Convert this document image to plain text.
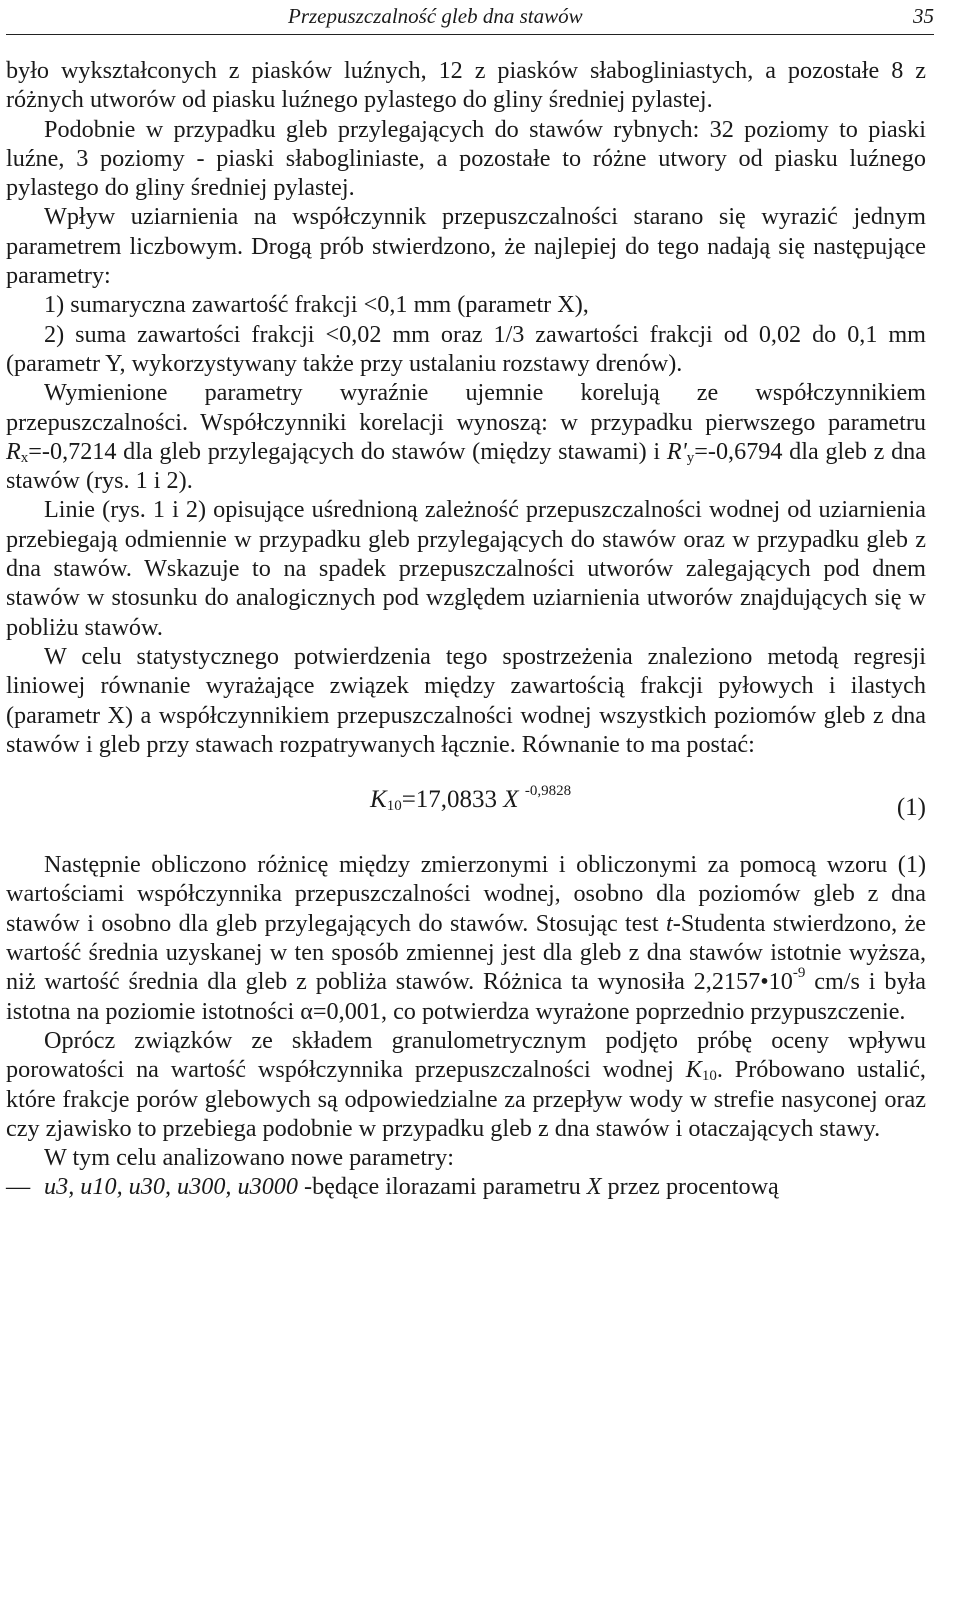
Przepuszczalność gleb dna stawów	35

było wykształconych z piasków luźnych, 12 z piasków słabogliniastych, a pozostałe 8 z różnych utworów od piasku luźnego pylastego do gliny średniej pylastej.

Podobnie w przypadku gleb przylegających do stawów rybnych: 32 poziomy to piaski luźne, 3 poziomy - piaski słabogliniaste, a pozostałe to różne utwory od piasku luźnego pylastego do gliny średniej pylastej.

Wpływ uziarnienia na współczynnik przepuszczalności starano się wyrazić jednym parametrem liczbowym. Drogą prób stwierdzono, że najlepiej do tego nadają się następujące parametry:

1) sumaryczna zawartość frakcji <0,1 mm (parametr X),

2) suma zawartości frakcji <0,02 mm oraz 1/3 zawartości frakcji od 0,02 do 0,1 mm (parametr Y, wykorzystywany także przy ustalaniu rozstawy drenów).

Wymienione parametry wyraźnie ujemnie korelują ze współczynnikiem przepuszczalności. Współczynniki korelacji wynoszą: w przypadku pierwszego parametru $R_x=-0,7214$ dla gleb przylegających do stawów (między stawami) i $R'_y=-0,6794$ dla gleb z dna stawów (rys. 1 i 2).

Linie (rys. 1 i 2) opisujące uśrednioną zależność przepuszczalności wodnej od uziarnienia przebiegają odmiennie w przypadku gleb przylegających do stawów oraz w przypadku gleb z dna stawów. Wskazuje to na spadek przepuszczalności utworów zalegających pod dnem stawów w stosunku do analogicznych pod względem uziarnienia utworów znajdujących się w pobliżu stawów.

W celu statystycznego potwierdzenia tego spostrzeżenia znaleziono metodą regresji liniowej równanie wyrażające związek między zawartością frakcji pyłowych i ilastych (parametr X) a współczynnikiem przepuszczalności wodnej wszystkich poziomów gleb z dna stawów i gleb przy stawach rozpatrywanych łącznie. Równanie to ma postać:

$K_{10}=17,0833$ X $^{-0,9828}$
(1)

Następnie obliczono różnicę między zmierzonymi i obliczonymi za pomocą wzoru (1) wartościami współczynnika przepuszczalności wodnej, osobno dla poziomów gleb z dna stawów i osobno dla gleb przylegających do stawów. Stosując test t-Studenta stwierdzono, że wartość średnia uzyskanej w ten sposób zmiennej jest dla gleb z dna stawów istotnie wyższa, niż wartość średnia dla gleb z pobliża stawów. Różnica ta wynosiła $2,2157•10^{-9}$ cm/s i była istotna na poziomie istotności α=0,001, co potwierdza wyrażone poprzednio przypuszczenie.

Oprócz związków ze składem granulometrycznym podjęto próbę oceny wpływu porowatości na wartość współczynnika przepuszczalności wodnej $K_{10}$. Próbowano ustalić, które frakcje porów glebowych są odpowiedzialne za przepływ wody w strefie nasyconej oraz czy zjawisko to przebiega podobnie w przypadku gleb z dna stawów i otaczających stawy.

W tym celu analizowano nowe parametry:

— u3, u10, u30, u300, u3000 -będące ilorazami parametru X przez procentową
